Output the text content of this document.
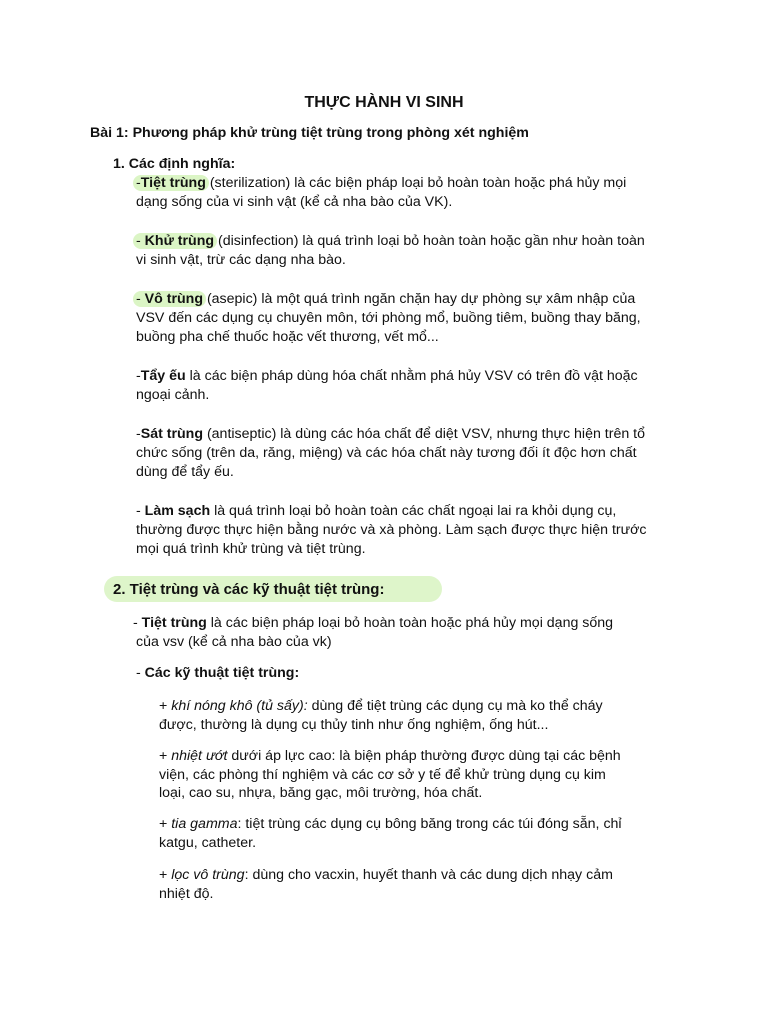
THỰC HÀNH VI SINH
Bài 1: Phương pháp khử trùng tiệt trùng trong phòng xét nghiệm
1. Các định nghĩa:
-Tiệt trùng (sterilization) là các biện pháp loại bỏ hoàn toàn hoặc phá hủy mọi
dạng sống của vi sinh vật (kể cả nha bào của VK).
- Khử trùng (disinfection) là quá trình loại bỏ hoàn toàn hoặc gần như hoàn toàn
vi sinh vật, trừ các dạng nha bào.
- Vô trùng (asepic) là một quá trình ngăn chặn hay dự phòng sự xâm nhập của
VSV đến các dụng cụ chuyên môn, tới phòng mổ, buồng tiêm, buồng thay băng,
buồng pha chế thuốc hoặc vết thương, vết mổ...
-Tẩy ếu là các biện pháp dùng hóa chất nhằm phá hủy VSV có trên đồ vật hoặc
ngoại cảnh.
-Sát trùng (antiseptic) là dùng các hóa chất để diệt VSV, nhưng thực hiện trên tổ
chức sống (trên da, răng, miệng) và các hóa chất này tương đối ít độc hơn chất
dùng để tẩy ếu.
- Làm sạch là quá trình loại bỏ hoàn toàn các chất ngoại lai ra khỏi dụng cụ,
thường được thực hiện bằng nước và xà phòng. Làm sạch được thực hiện trước
mọi quá trình khử trùng và tiệt trùng.
2. Tiệt trùng và các kỹ thuật tiệt trùng:
- Tiệt trùng là các biện pháp loại bỏ hoàn toàn hoặc phá hủy mọi dạng sống
của vsv (kể cả nha bào của vk)
- Các kỹ thuật tiệt trùng:
+ khí nóng khô (tủ sấy): dùng để tiệt trùng các dụng cụ mà ko thể cháy
được, thường là dụng cụ thủy tinh như ống nghiệm, ống hút...
+ nhiệt ướt dưới áp lực cao: là biện pháp thường được dùng tại các bệnh
viện, các phòng thí nghiệm và các cơ sở y tế để khử trùng dụng cụ kim
loại, cao su, nhựa, băng gạc, môi trường, hóa chất.
+ tia gamma: tiệt trùng các dụng cụ bông băng trong các túi đóng sẵn, chỉ
katgu, catheter.
+ lọc vô trùng: dùng cho vacxin, huyết thanh và các dung dịch nhạy cảm
nhiệt độ.
